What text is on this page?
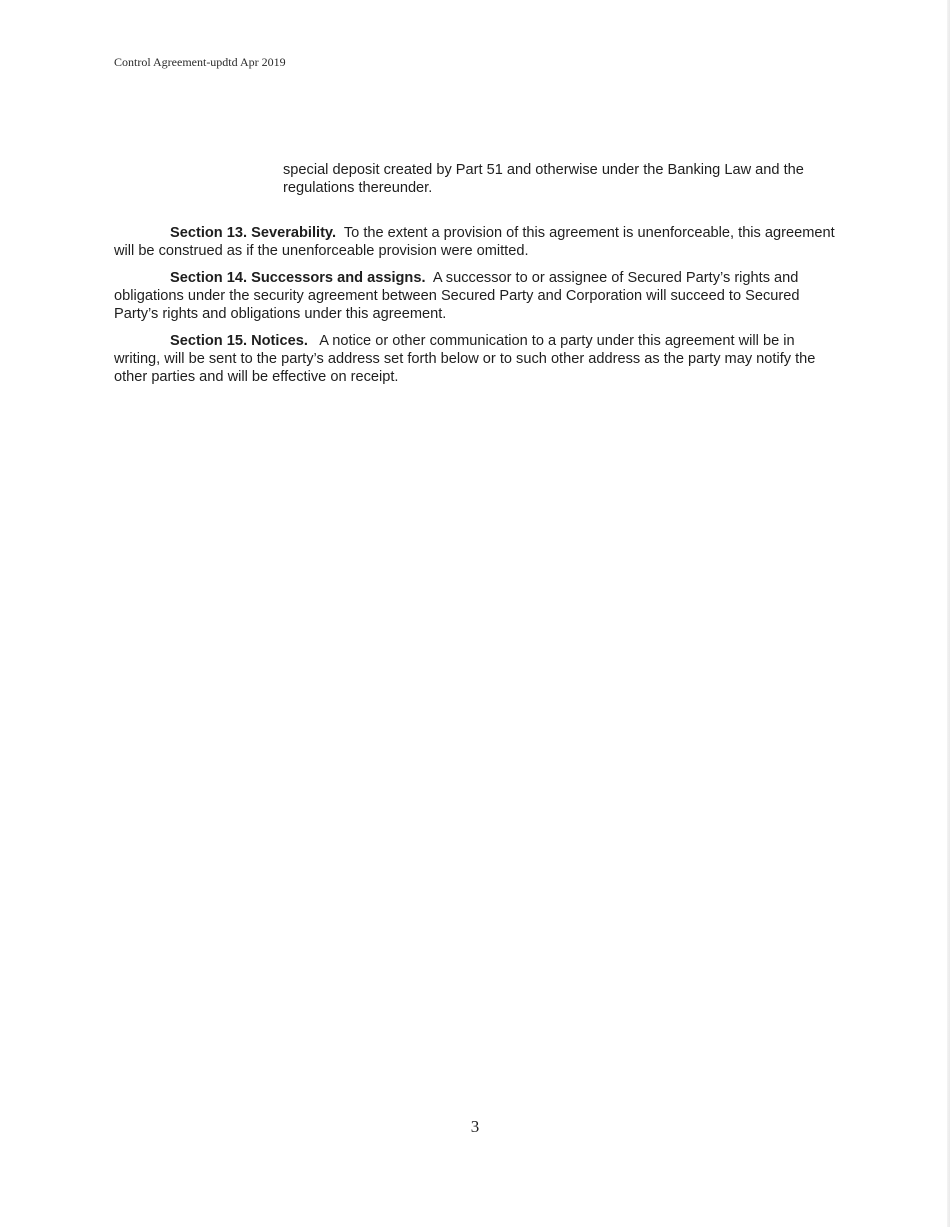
Control Agreement-updtd Apr 2019
special deposit created by Part 51 and otherwise under the Banking Law and the regulations thereunder.
Section 13. Severability. To the extent a provision of this agreement is unenforceable, this agreement will be construed as if the unenforceable provision were omitted.
Section 14. Successors and assigns. A successor to or assignee of Secured Party’s rights and obligations under the security agreement between Secured Party and Corporation will succeed to Secured Party’s rights and obligations under this agreement.
Section 15. Notices. A notice or other communication to a party under this agreement will be in writing, will be sent to the party’s address set forth below or to such other address as the party may notify the other parties and will be effective on receipt.
3
